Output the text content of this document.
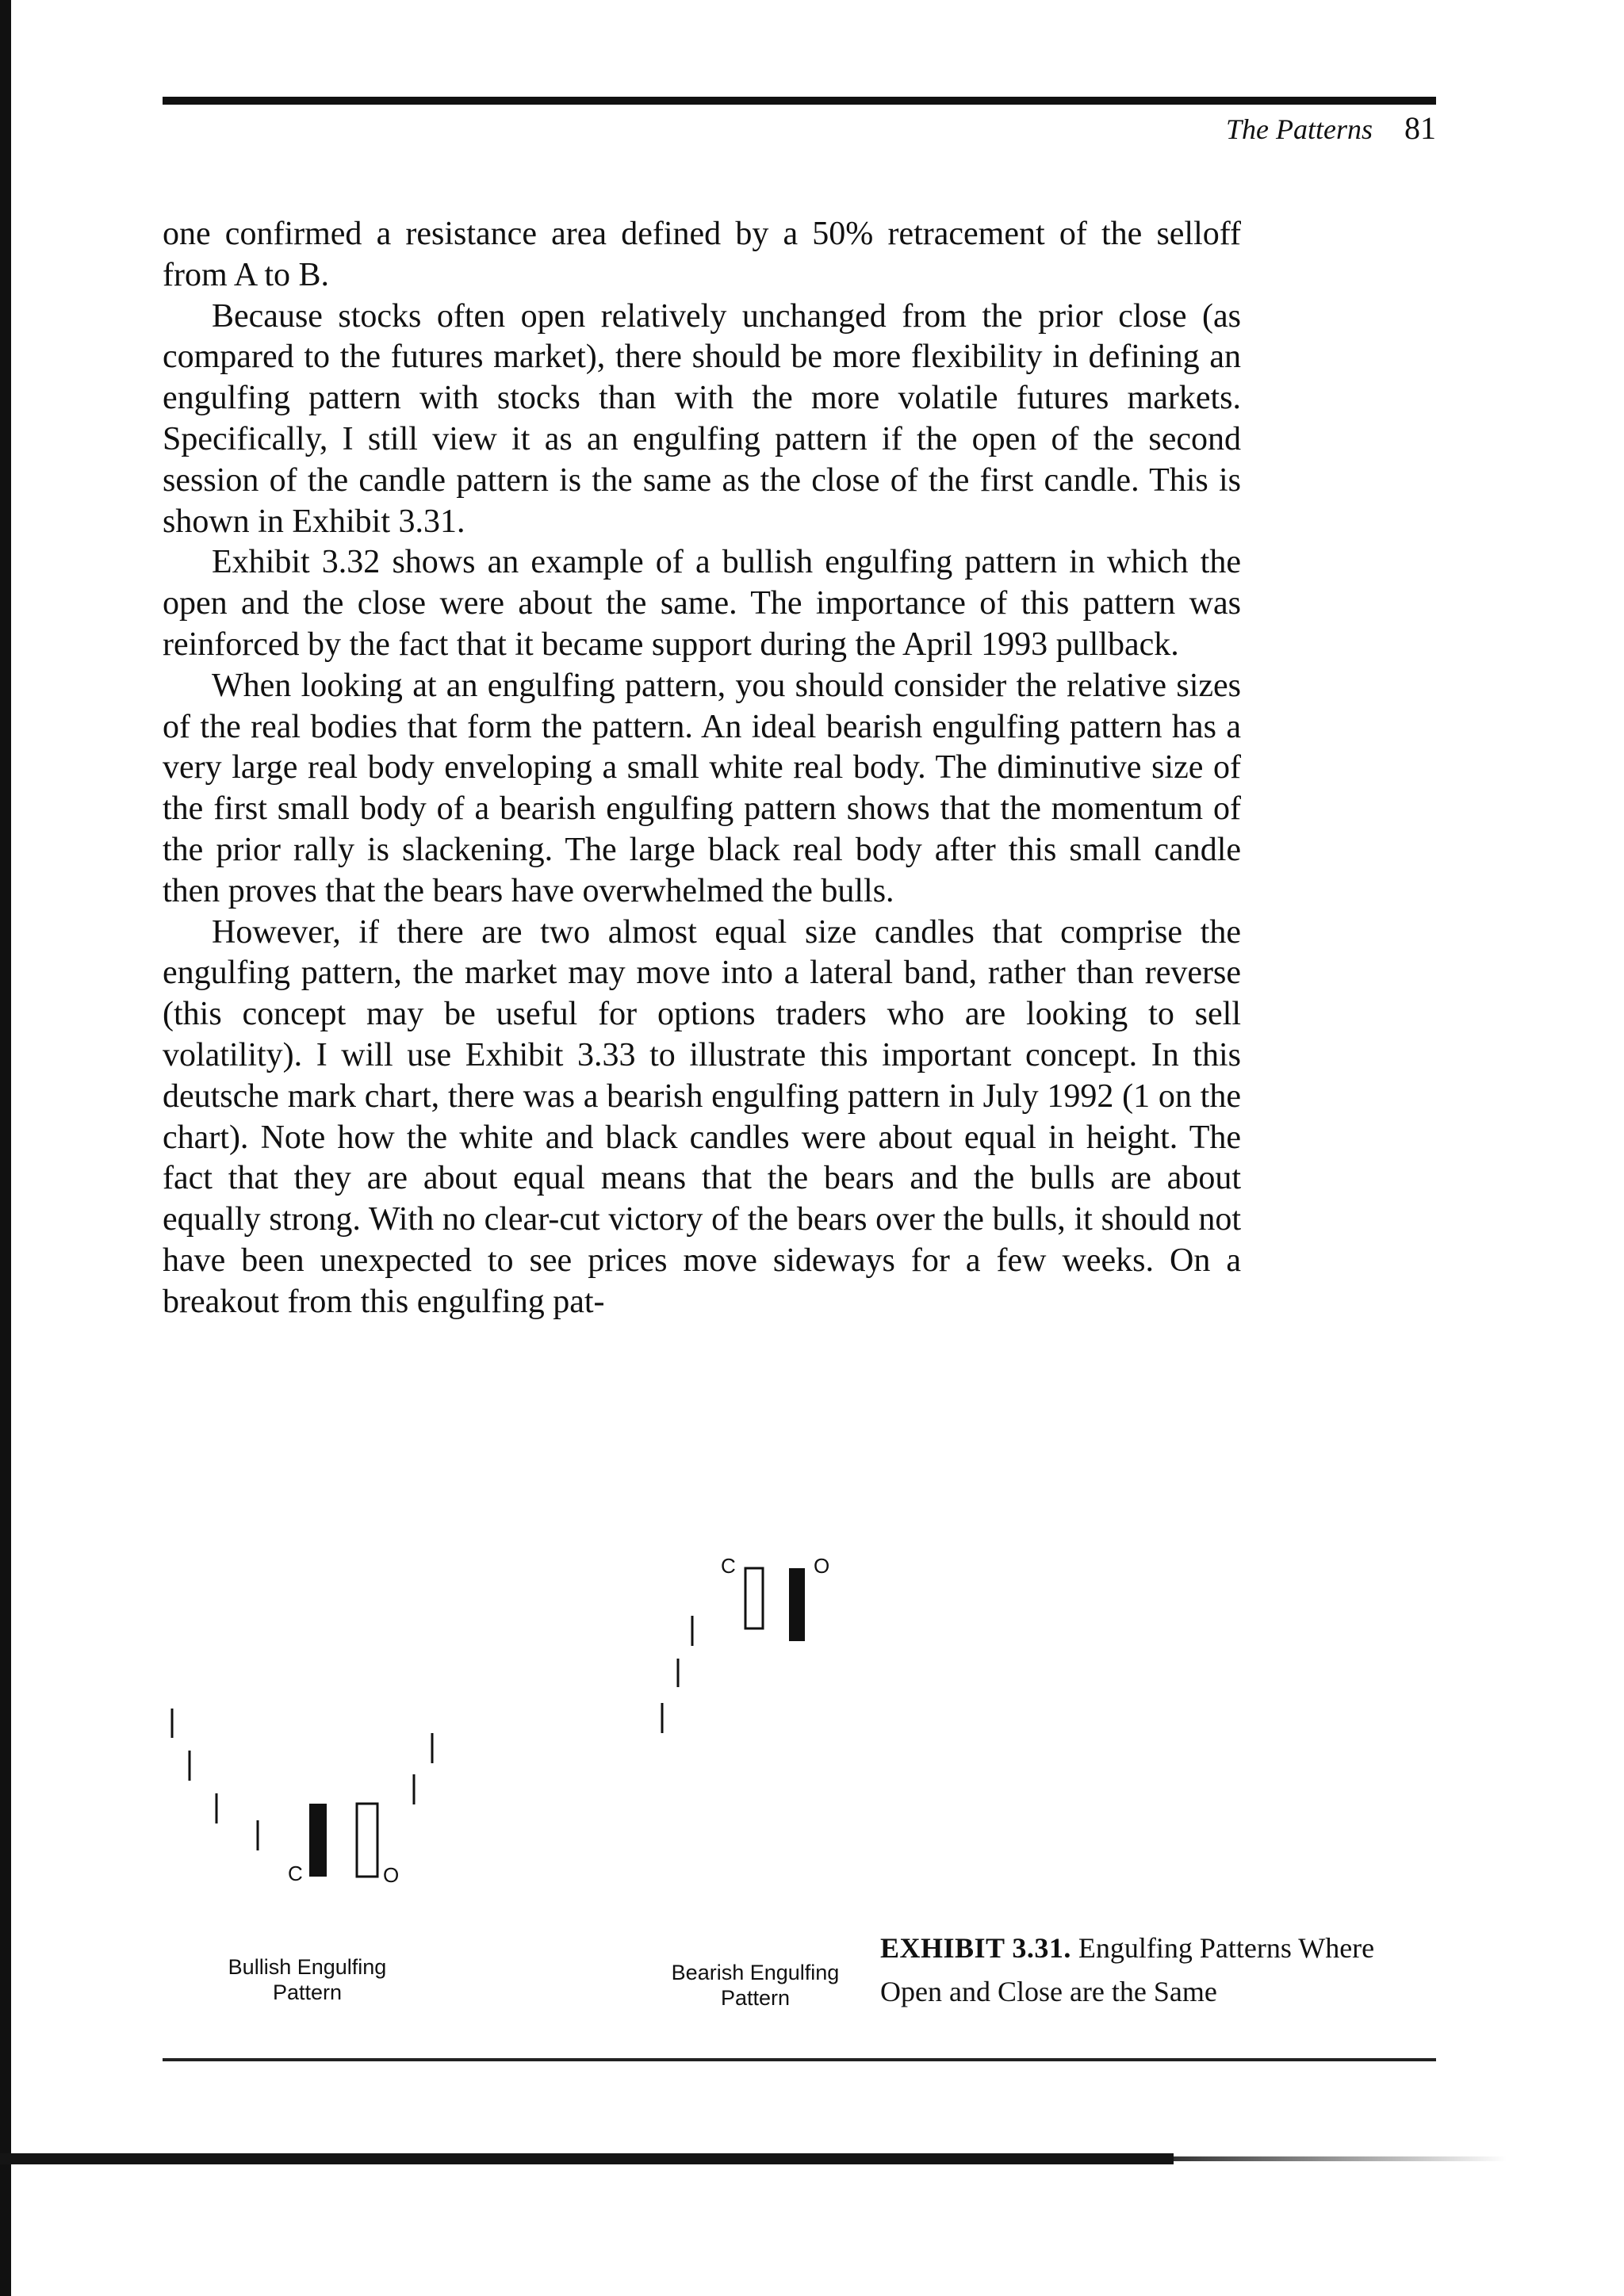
The Patterns 81

one confirmed a resistance area defined by a 50% retracement of the selloff from A to B.

Because stocks often open relatively unchanged from the prior close (as compared to the futures market), there should be more flexibility in defining an engulfing pattern with stocks than with the more volatile futures markets. Specifically, I still view it as an engulfing pattern if the open of the second session of the candle pattern is the same as the close of the first candle. This is shown in Exhibit 3.31.

Exhibit 3.32 shows an example of a bullish engulfing pattern in which the open and the close were about the same. The importance of this pattern was reinforced by the fact that it became support during the April 1993 pullback.

When looking at an engulfing pattern, you should consider the relative sizes of the real bodies that form the pattern. An ideal bearish engulfing pattern has a very large real body enveloping a small white real body. The diminutive size of the first small body of a bearish engulfing pattern shows that the momentum of the prior rally is slackening. The large black real body after this small candle then proves that the bears have overwhelmed the bulls.

However, if there are two almost equal size candles that comprise the engulfing pattern, the market may move into a lateral band, rather than reverse (this concept may be useful for options traders who are looking to sell volatility). I will use Exhibit 3.33 to illustrate this important concept. In this deutsche mark chart, there was a bearish engulfing pattern in July 1992 (1 on the chart). Note how the white and black candles were about equal in height. The fact that they are about equal means that the bears and the bulls are about equally strong. With no clear-cut victory of the bears over the bulls, it should not have been unexpected to see prices move sideways for a few weeks. On a breakout from this engulfing pat-

C	O
C	O
Bullish Engulfing
Pattern
Bearish Engulfing
Pattern
EXHIBIT 3.31. Engulfing Patterns Where
Open and Close are the Same
